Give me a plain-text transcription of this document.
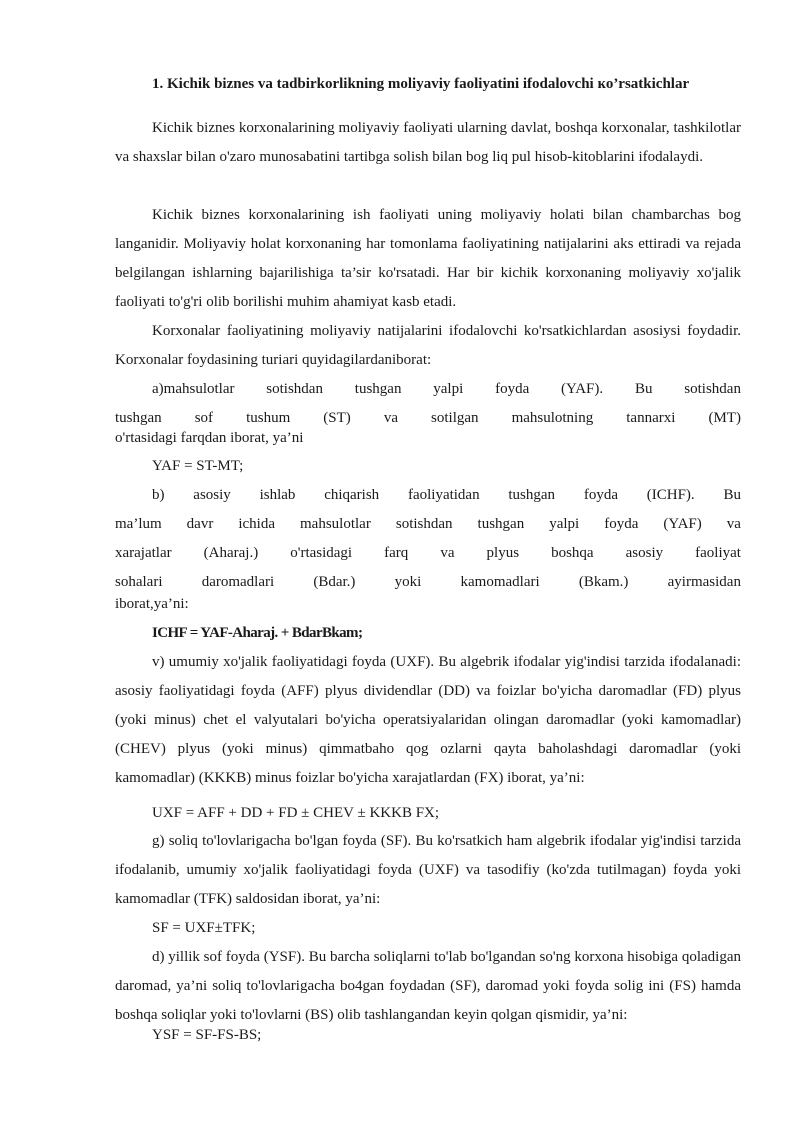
1. Kichik biznes va tadbirkorlikning moliyaviy faoliyatini ifodalovchi ĸo’rsatkichlar
Kichik biznes korxonalarining moliyaviy faoliyati ularning davlat, boshqa korxonalar, tashkilotlar va shaxslar bilan o'zaro munosabatini tartibga solish bilan bog liq pul hisob-kitoblarini ifodalaydi.
Kichik biznes korxonalarining ish faoliyati uning moliyaviy holati bilan chambarchas bog langanidir. Moliyaviy holat korxonaning har tomonlama faoliyatining natijalarini aks ettiradi va rejada belgilangan ishlarning bajarilishiga ta’sir ko'rsatadi. Har bir kichik korxonaning moliyaviy xo'jalik faoliyati to'g'ri olib borilishi muhim ahamiyat kasb etadi.
Korxonalar faoliyatining moliyaviy natijalarini ifodalovchi ko'rsatkichlardan asosiysi foydadir. Korxonalar foydasining turiari quyidagilardaniborat:
a)mahsulotlar sotishdan tushgan yalpi foyda (YAF). Bu sotishdan
tushgan sof tushum (ST) va sotilgan mahsulotning tannarxi (MT)
o'rtasidagi farqdan iborat, ya’ni
YAF = ST-MT;
b) asosiy ishlab chiqarish faoliyatidan tushgan foyda (ICHF). Bu
ma’lum davr ichida mahsulotlar sotishdan tushgan yalpi foyda (YAF) va
xarajatlar (Aharaj.) o'rtasidagi farq va plyus boshqa asosiy faoliyat
sohalari	daromadlari	(Bdar.)	yoki	kamomadlari	(Bkam.)	ayirmasidan
iborat,ya’ni:
ICHF = YAF-Aharaj. + BdarBkam;
v) umumiy xo'jalik faoliyatidagi foyda (UXF). Bu algebrik ifodalar yig'indisi tarzida ifodalanadi: asosiy faoliyatidagi foyda (AFF) plyus dividendlar (DD) va foizlar bo'yicha daromadlar (FD) plyus (yoki minus) chet el valyutalari bo'yicha operatsiyalaridan olingan daromadlar (yoki kamomadlar) (CHEV) plyus (yoki minus) qimmatbaho qog ozlarni qayta baholashdagi daromadlar (yoki kamomadlar) (KKKB) minus foizlar bo'yicha xarajatlardan (FX) iborat, ya’ni:
UXF = AFF + DD + FD ± CHEV ± KKKB FX;
g) soliq to'lovlarigacha bo'lgan foyda (SF). Bu ko'rsatkich ham algebrik ifodalar yig'indisi tarzida ifodalanib, umumiy xo'jalik faoliyatidagi foyda (UXF) va tasodifiy (ko'zda tutilmagan) foyda yoki kamomadlar (TFK) saldosidan iborat, ya’ni:
SF = UXF±TFK;
d) yillik sof foyda (YSF). Bu barcha soliqlarni to'lab bo'lgandan so'ng korxona hisobiga qoladigan daromad, ya’ni soliq to'lovlarigacha bo4gan foydadan (SF), daromad yoki foyda solig ini (FS) hamda boshqa soliqlar yoki to'lovlarni (BS) olib tashlangandan keyin qolgan qismidir, ya’ni:
YSF = SF-FS-BS;
